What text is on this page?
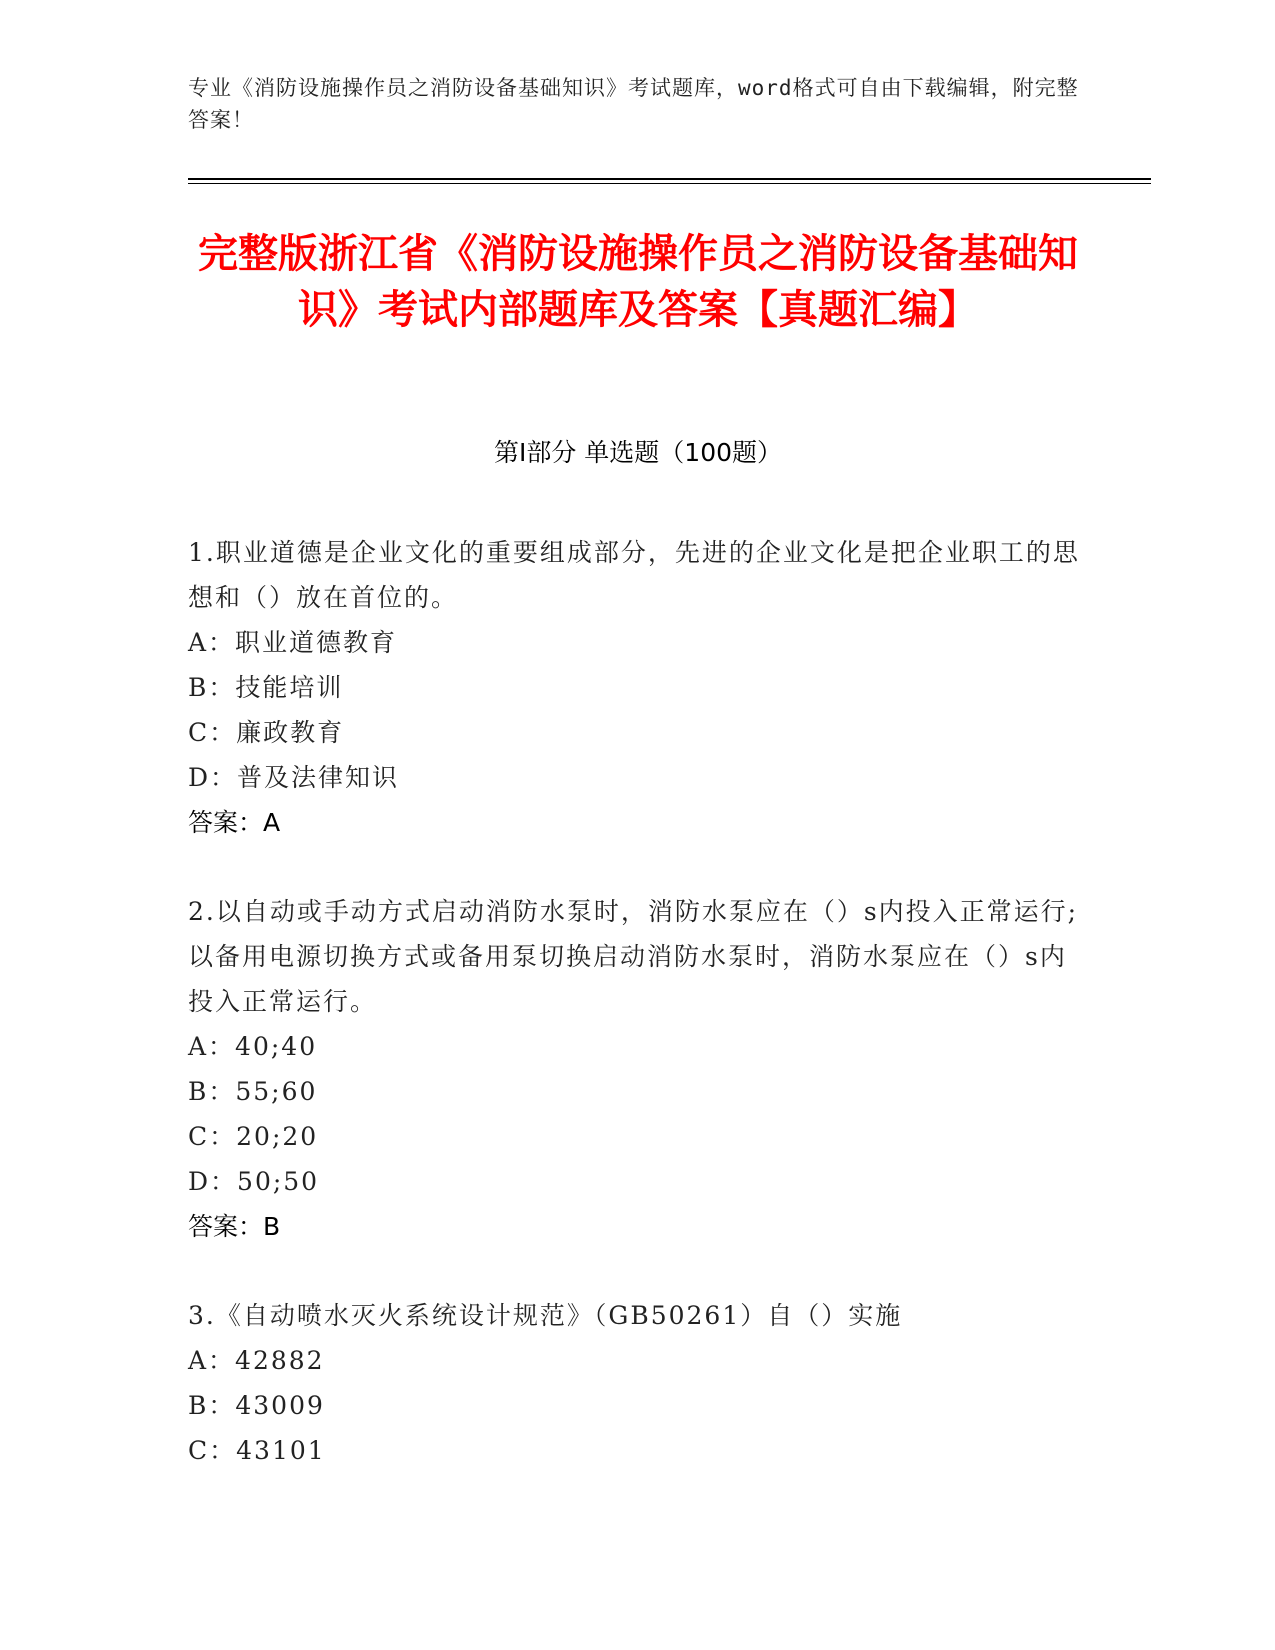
专业《消防设施操作员之消防设备基础知识》考试题库，word格式可自由下载编辑，附完整答案！
完整版浙江省《消防设施操作员之消防设备基础知识》考试内部题库及答案【真题汇编】
第I部分 单选题（100题）
1.职业道德是企业文化的重要组成部分，先进的企业文化是把企业职工的思想和（）放在首位的。
A：职业道德教育
B：技能培训
C：廉政教育
D：普及法律知识
答案：A
2.以自动或手动方式启动消防水泵时，消防水泵应在（）s内投入正常运行;以备用电源切换方式或备用泵切换启动消防水泵时，消防水泵应在（）s内投入正常运行。
A：40;40
B：55;60
C：20;20
D：50;50
答案：B
3.《自动喷水灭火系统设计规范》（GB50261）自（）实施
A：42882
B：43009
C：43101
